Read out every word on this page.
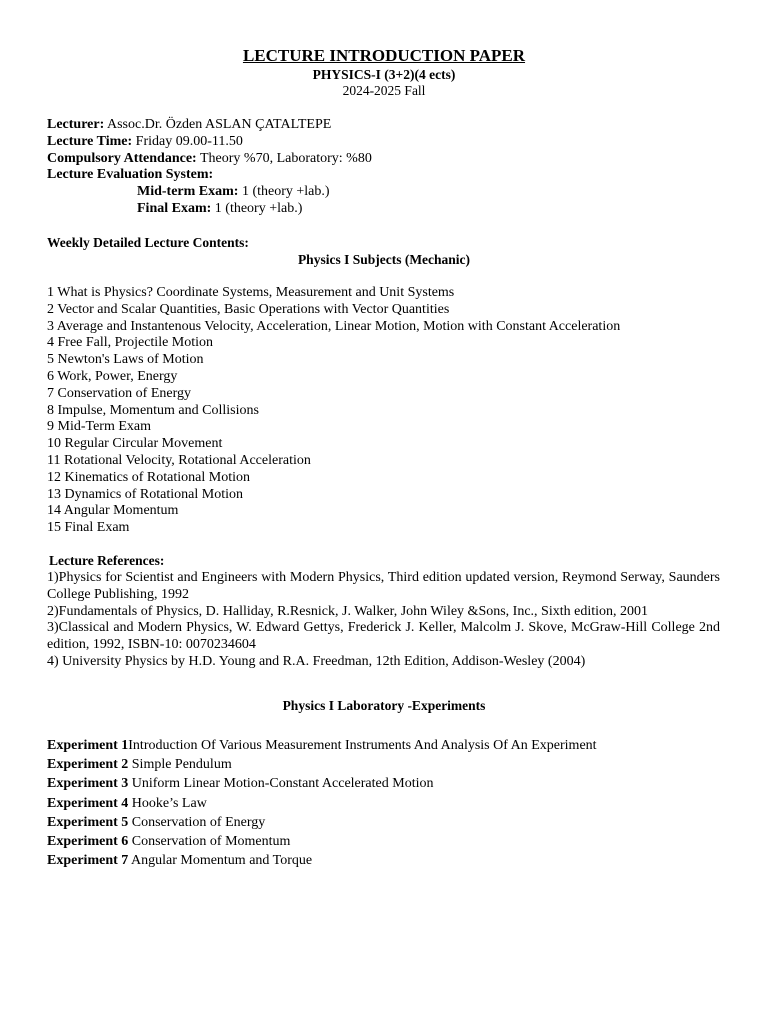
LECTURE INTRODUCTION PAPER
PHYSICS-I (3+2)(4 ects)
2024-2025 Fall
Lecturer: Assoc.Dr. Özden ASLAN ÇATALTEPE
Lecture Time: Friday 09.00-11.50
Compulsory Attendance: Theory %70, Laboratory: %80
Lecture Evaluation System:
Mid-term Exam: 1 (theory +lab.)
Final Exam: 1 (theory +lab.)
Weekly Detailed Lecture Contents:
Physics I Subjects (Mechanic)
1 What is Physics? Coordinate Systems, Measurement and Unit Systems
2 Vector and Scalar Quantities, Basic Operations with Vector Quantities
3 Average and Instantenous Velocity, Acceleration, Linear Motion, Motion with Constant Acceleration
4 Free Fall, Projectile Motion
5 Newton's Laws of Motion
6 Work, Power, Energy
7 Conservation of Energy
8 Impulse, Momentum and Collisions
9 Mid-Term Exam
10 Regular Circular Movement
11 Rotational Velocity, Rotational Acceleration
12 Kinematics of Rotational Motion
13 Dynamics of Rotational Motion
14 Angular Momentum
15 Final Exam
Lecture References:
1)Physics for Scientist and Engineers with Modern Physics, Third edition updated version, Reymond Serway, Saunders College Publishing, 1992
2)Fundamentals of Physics, D. Halliday, R.Resnick, J. Walker, John Wiley &Sons, Inc., Sixth edition, 2001
3)Classical and Modern Physics, W. Edward Gettys, Frederick J. Keller, Malcolm J. Skove, McGraw-Hill College 2nd edition, 1992, ISBN-10: 0070234604
4) University Physics by H.D. Young and R.A. Freedman, 12th Edition, Addison-Wesley (2004)
Physics I Laboratory -Experiments
Experiment 1Introduction Of Various Measurement Instruments And Analysis Of An Experiment
Experiment 2 Simple Pendulum
Experiment 3 Uniform Linear Motion-Constant Accelerated Motion
Experiment 4 Hooke’s Law
Experiment 5 Conservation of Energy
Experiment 6 Conservation of Momentum
Experiment 7 Angular Momentum and Torque
